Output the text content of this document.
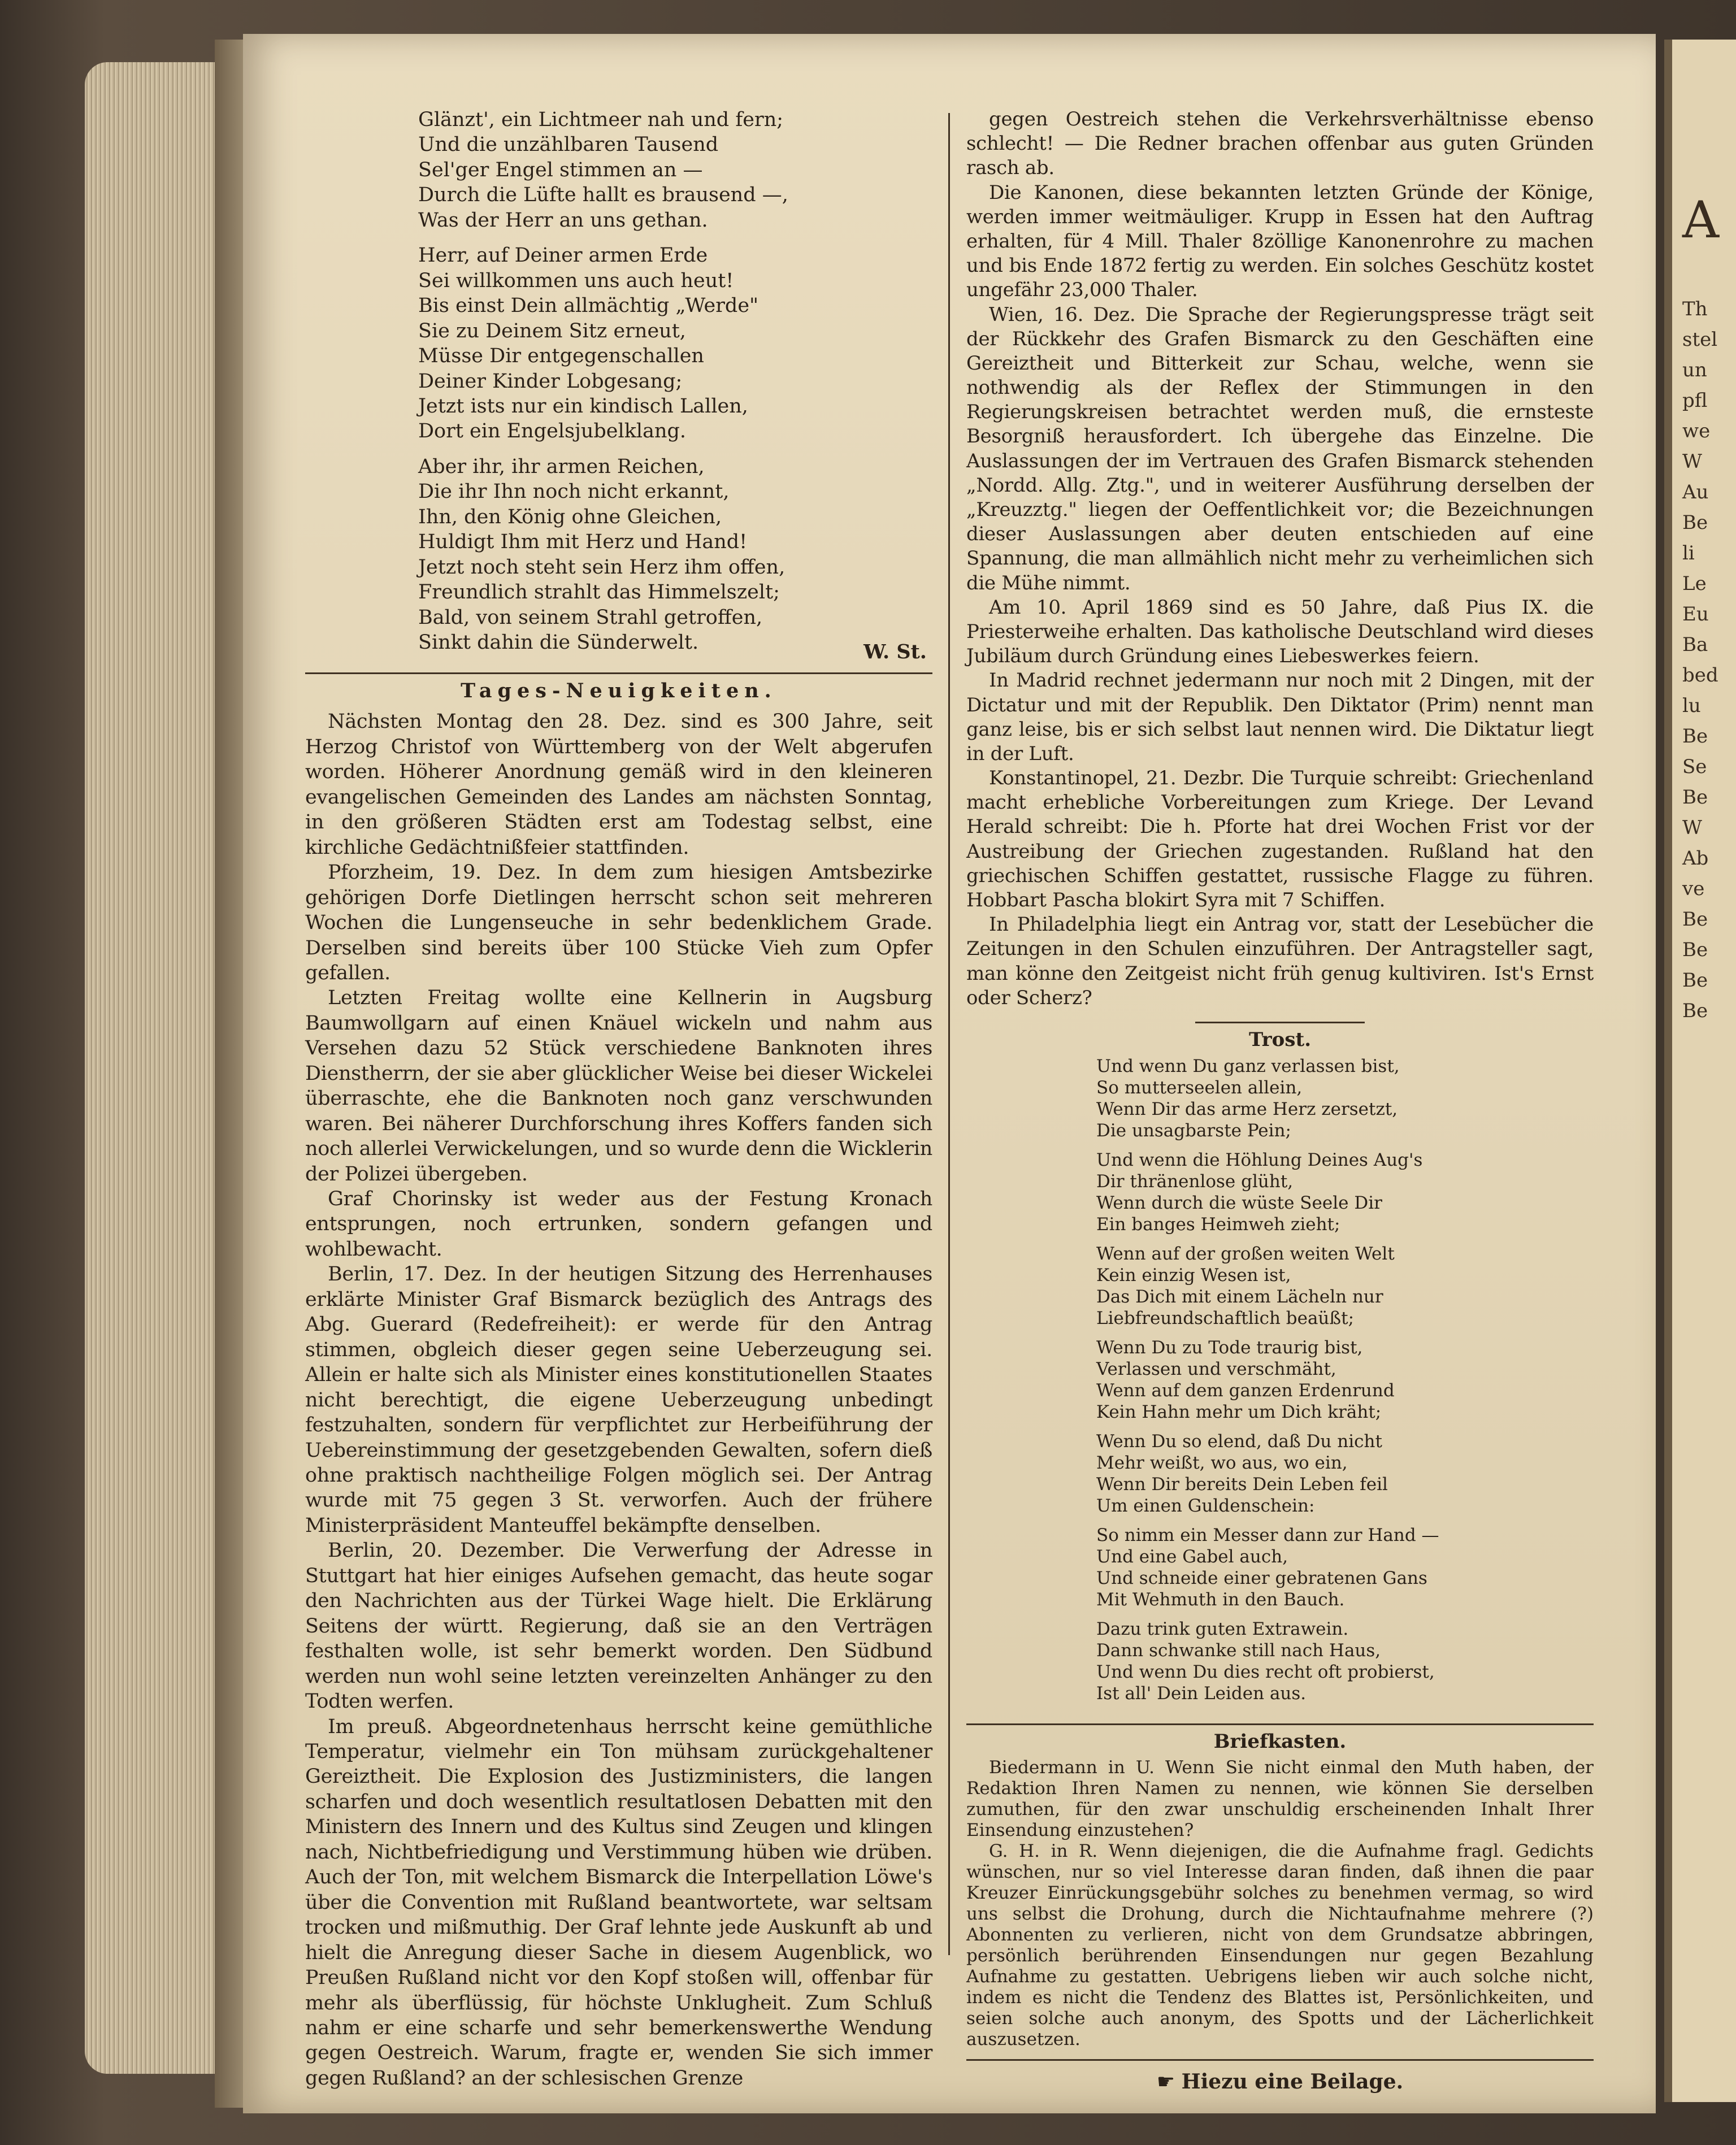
A
Th
stel
un
pfl
we
W
Au
Be
li
Le
Eu
Ba
bed
lu
Be
Se
Be
W
Ab
ve
Be
Be
Be
Be
Glänzt', ein Lichtmeer nah und fern;
Und die unzählbaren Tausend
Sel'ger Engel stimmen an —
Durch die Lüfte hallt es brausend —,
Was der Herr an uns gethan.
Herr, auf Deiner armen Erde
Sei willkommen uns auch heut!
Bis einst Dein allmächtig „Werde"
Sie zu Deinem Sitz erneut,
Müsse Dir entgegenschallen
Deiner Kinder Lobgesang;
Jetzt ists nur ein kindisch Lallen,
Dort ein Engelsjubelklang.
Aber ihr, ihr armen Reichen,
Die ihr Ihn noch nicht erkannt,
Ihn, den König ohne Gleichen,
Huldigt Ihm mit Herz und Hand!
Jetzt noch steht sein Herz ihm offen,
Freundlich strahlt das Himmelszelt;
Bald, von seinem Strahl getroffen,
Sinkt dahin die Sünderwelt.	W. St.
Tages-Neuigkeiten.

Nächsten Montag den 28. Dez. sind es 300 Jahre, seit Herzog Christof von Württemberg von der Welt abgerufen worden. Höherer Anordnung gemäß wird in den kleineren evangelischen Gemeinden des Landes am nächsten Sonntag, in den größeren Städten erst am Todestag selbst, eine kirchliche Gedächtnißfeier stattfinden.

Pforzheim, 19. Dez. In dem zum hiesigen Amtsbezirke gehörigen Dorfe Dietlingen herrscht schon seit mehreren Wochen die Lungenseuche in sehr bedenklichem Grade. Derselben sind bereits über 100 Stücke Vieh zum Opfer gefallen.

Letzten Freitag wollte eine Kellnerin in Augsburg Baumwollgarn auf einen Knäuel wickeln und nahm aus Versehen dazu 52 Stück verschiedene Banknoten ihres Dienstherrn, der sie aber glücklicher Weise bei dieser Wickelei überraschte, ehe die Banknoten noch ganz verschwunden waren. Bei näherer Durchforschung ihres Koffers fanden sich noch allerlei Verwickelungen, und so wurde denn die Wicklerin der Polizei übergeben.

Graf Chorinsky ist weder aus der Festung Kronach entsprungen, noch ertrunken, sondern gefangen und wohlbewacht.

Berlin, 17. Dez. In der heutigen Sitzung des Herrenhauses erklärte Minister Graf Bismarck bezüglich des Antrags des Abg. Guerard (Redefreiheit): er werde für den Antrag stimmen, obgleich dieser gegen seine Ueberzeugung sei. Allein er halte sich als Minister eines konstitutionellen Staates nicht berechtigt, die eigene Ueberzeugung unbedingt festzuhalten, sondern für verpflichtet zur Herbeiführung der Uebereinstimmung der gesetzgebenden Gewalten, sofern dieß ohne praktisch nachtheilige Folgen möglich sei. Der Antrag wurde mit 75 gegen 3 St. verworfen. Auch der frühere Ministerpräsident Manteuffel bekämpfte denselben.

Berlin, 20. Dezember. Die Verwerfung der Adresse in Stuttgart hat hier einiges Aufsehen gemacht, das heute sogar den Nachrichten aus der Türkei Wage hielt. Die Erklärung Seitens der württ. Regierung, daß sie an den Verträgen festhalten wolle, ist sehr bemerkt worden. Den Südbund werden nun wohl seine letzten vereinzelten Anhänger zu den Todten werfen.

Im preuß. Abgeordnetenhaus herrscht keine gemüthliche Temperatur, vielmehr ein Ton mühsam zurückgehaltener Gereiztheit. Die Explosion des Justizministers, die langen scharfen und doch wesentlich resultatlosen Debatten mit den Ministern des Innern und des Kultus sind Zeugen und klingen nach, Nichtbefriedigung und Verstimmung hüben wie drüben. Auch der Ton, mit welchem Bismarck die Interpellation Löwe's über die Convention mit Rußland beantwortete, war seltsam trocken und mißmuthig. Der Graf lehnte jede Auskunft ab und hielt die Anregung dieser Sache in diesem Augenblick, wo Preußen Rußland nicht vor den Kopf stoßen will, offenbar für mehr als überflüssig, für höchste Unklugheit. Zum Schluß nahm er eine scharfe und sehr bemerkenswerthe Wendung gegen Oestreich. Warum, fragte er, wenden Sie sich immer gegen Rußland? an der schlesischen Grenze

gegen Oestreich stehen die Verkehrsverhältnisse ebenso schlecht! — Die Redner brachen offenbar aus guten Gründen rasch ab.

Die Kanonen, diese bekannten letzten Gründe der Könige, werden immer weitmäuliger. Krupp in Essen hat den Auftrag erhalten, für 4 Mill. Thaler 8zöllige Kanonenrohre zu machen und bis Ende 1872 fertig zu werden. Ein solches Geschütz kostet ungefähr 23,000 Thaler.

Wien, 16. Dez. Die Sprache der Regierungspresse trägt seit der Rückkehr des Grafen Bismarck zu den Geschäften eine Gereiztheit und Bitterkeit zur Schau, welche, wenn sie nothwendig als der Reflex der Stimmungen in den Regierungskreisen betrachtet werden muß, die ernsteste Besorgniß herausfordert. Ich übergehe das Einzelne. Die Auslassungen der im Vertrauen des Grafen Bismarck stehenden „Nordd. Allg. Ztg.", und in weiterer Ausführung derselben der „Kreuzztg." liegen der Oeffentlichkeit vor; die Bezeichnungen dieser Auslassungen aber deuten entschieden auf eine Spannung, die man allmählich nicht mehr zu verheimlichen sich die Mühe nimmt.

Am 10. April 1869 sind es 50 Jahre, daß Pius IX. die Priesterweihe erhalten. Das katholische Deutschland wird dieses Jubiläum durch Gründung eines Liebeswerkes feiern.

In Madrid rechnet jedermann nur noch mit 2 Dingen, mit der Dictatur und mit der Republik. Den Diktator (Prim) nennt man ganz leise, bis er sich selbst laut nennen wird. Die Diktatur liegt in der Luft.

Konstantinopel, 21. Dezbr. Die Turquie schreibt: Griechenland macht erhebliche Vorbereitungen zum Kriege. Der Levand Herald schreibt: Die h. Pforte hat drei Wochen Frist vor der Austreibung der Griechen zugestanden. Rußland hat den griechischen Schiffen gestattet, russische Flagge zu führen. Hobbart Pascha blokirt Syra mit 7 Schiffen.

In Philadelphia liegt ein Antrag vor, statt der Lesebücher die Zeitungen in den Schulen einzuführen. Der Antragsteller sagt, man könne den Zeitgeist nicht früh genug kultiviren. Ist's Ernst oder Scherz?

Trost.
Und wenn Du ganz verlassen bist,
So mutterseelen allein,
Wenn Dir das arme Herz zersetzt,
Die unsagbarste Pein;
Und wenn die Höhlung Deines Aug's
Dir thränenlose glüht,
Wenn durch die wüste Seele Dir
Ein banges Heimweh zieht;
Wenn auf der großen weiten Welt
Kein einzig Wesen ist,
Das Dich mit einem Lächeln nur
Liebfreundschaftlich beaüßt;
Wenn Du zu Tode traurig bist,
Verlassen und verschmäht,
Wenn auf dem ganzen Erdenrund
Kein Hahn mehr um Dich kräht;
Wenn Du so elend, daß Du nicht
Mehr weißt, wo aus, wo ein,
Wenn Dir bereits Dein Leben feil
Um einen Guldenschein:
So nimm ein Messer dann zur Hand —
Und eine Gabel auch,
Und schneide einer gebratenen Gans
Mit Wehmuth in den Bauch.
Dazu trink guten Extrawein.
Dann schwanke still nach Haus,
Und wenn Du dies recht oft probierst,
Ist all' Dein Leiden aus.
Briefkasten.

Biedermann in U. Wenn Sie nicht einmal den Muth haben, der Redaktion Ihren Namen zu nennen, wie können Sie derselben zumuthen, für den zwar unschuldig erscheinenden Inhalt Ihrer Einsendung einzustehen?

G. H. in R. Wenn diejenigen, die die Aufnahme fragl. Gedichts wünschen, nur so viel Interesse daran finden, daß ihnen die paar Kreuzer Einrückungsgebühr solches zu benehmen vermag, so wird uns selbst die Drohung, durch die Nichtaufnahme mehrere (?) Abonnenten zu verlieren, nicht von dem Grundsatze abbringen, persönlich berührenden Einsendungen nur gegen Bezahlung Aufnahme zu gestatten. Uebrigens lieben wir auch solche nicht, indem es nicht die Tendenz des Blattes ist, Persönlichkeiten, und seien solche auch anonym, des Spotts und der Lächerlichkeit auszusetzen.

☛ Hiezu eine Beilage.
